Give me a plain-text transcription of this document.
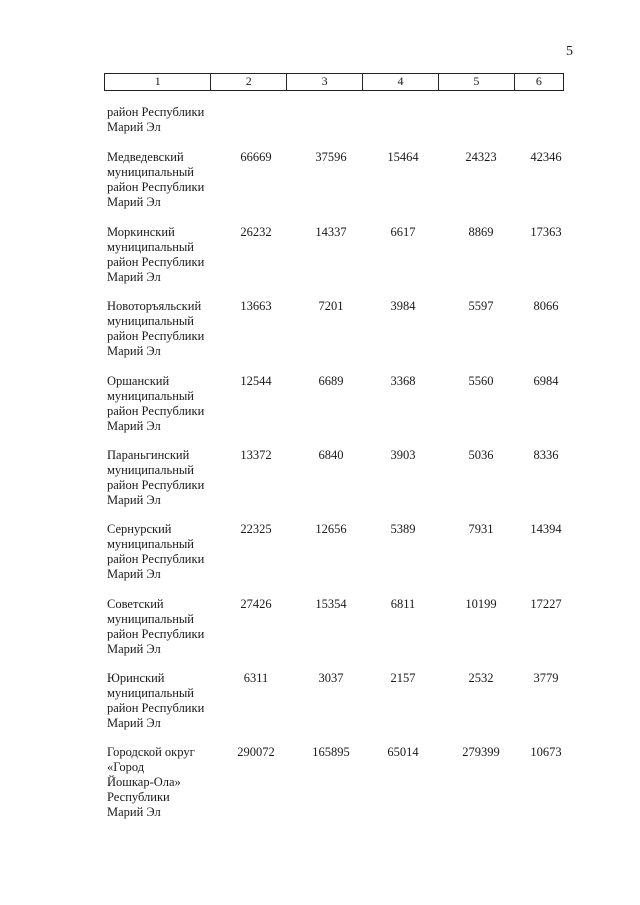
5
1	2	3	4	5	6
район Республики
Марий Эл
Медведевский
муниципальный
район Республики
Марий Эл
66669	37596	15464	24323	42346
Моркинский
муниципальный
район Республики
Марий Эл
26232	14337	6617	8869	17363
Новоторъяльский
муниципальный
район Республики
Марий Эл
13663	7201	3984	5597	8066
Оршанский
муниципальный
район Республики
Марий Эл
12544	6689	3368	5560	6984
Параньгинский
муниципальный
район Республики
Марий Эл
13372	6840	3903	5036	8336
Сернурский
муниципальный
район Республики
Марий Эл
22325	12656	5389	7931	14394
Советский
муниципальный
район Республики
Марий Эл
27426	15354	6811	10199	17227
Юринский
муниципальный
район Республики
Марий Эл
6311	3037	2157	2532	3779
Городской округ
«Город
Йошкар-Ола»
Республики
Марий Эл
290072	165895	65014	279399	10673
